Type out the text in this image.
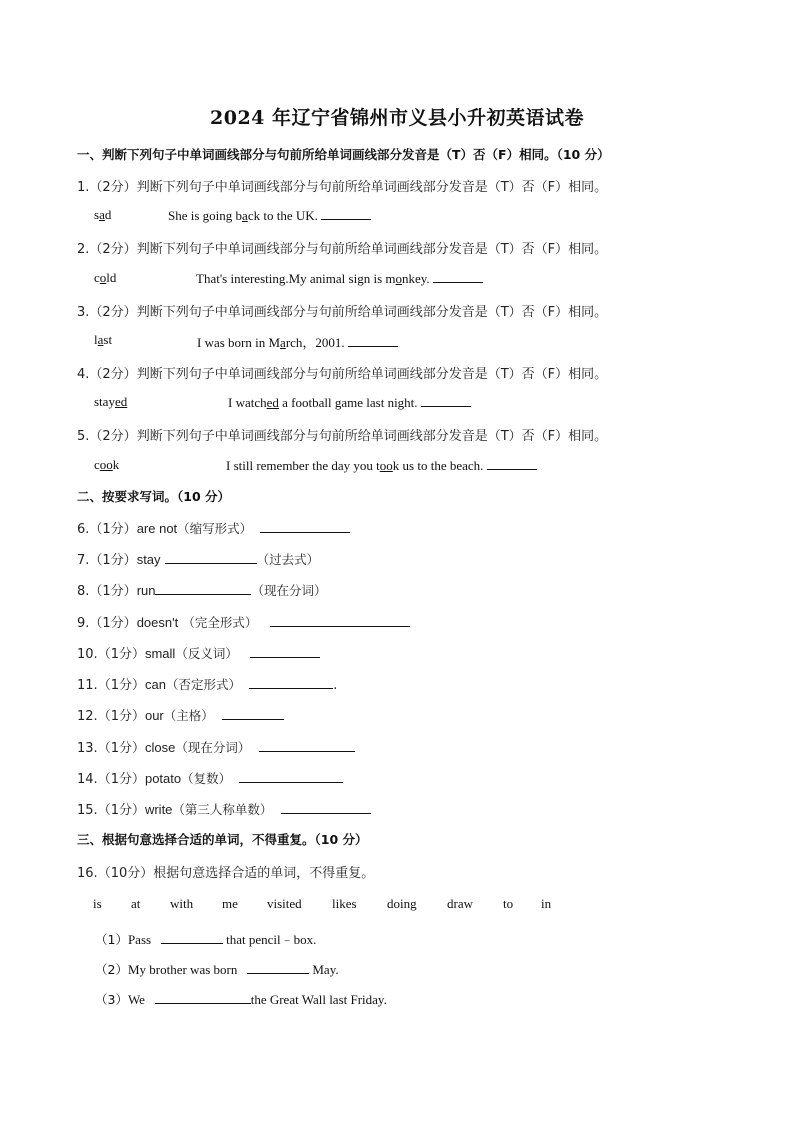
2024 年辽宁省锦州市义县小升初英语试卷
一、判断下列句子中单词画线部分与句前所给单词画线部分发音是（T）否（F）相同。（10 分）
1.（2分）判断下列句子中单词画线部分与句前所给单词画线部分发音是（T）否（F）相同。
sad	She is going back to the UK.
2.（2分）判断下列句子中单词画线部分与句前所给单词画线部分发音是（T）否（F）相同。
cold	That's interesting.My animal sign is monkey.
3.（2分）判断下列句子中单词画线部分与句前所给单词画线部分发音是（T）否（F）相同。
last	I was born in March，2001.
4.（2分）判断下列句子中单词画线部分与句前所给单词画线部分发音是（T）否（F）相同。
stayed	I watched a football game last night.
5.（2分）判断下列句子中单词画线部分与句前所给单词画线部分发音是（T）否（F）相同。
cook	I still remember the day you took us to the beach.
二、按要求写词。（10 分）
6.（1分）are not（缩写形式）
7.（1分）stay	（过去式）
8.（1分）run	（现在分词）
9.（1分）doesn't （完全形式）
10.（1分）small（反义词）
11.（1分）can（否定形式）	.
12.（1分）our（主格）
13.（1分）close（现在分词）
14.（1分）potato（复数）
15.（1分）write（第三人称单数）
三、根据句意选择合适的单词，不得重复。（10 分）
16.（10分）根据句意选择合适的单词，不得重复。
is at with me visited likes doing draw to in
（1）Pass	that pencil﹣box.
（2）My brother was born	May.
（3）We	the Great Wall last Friday.
